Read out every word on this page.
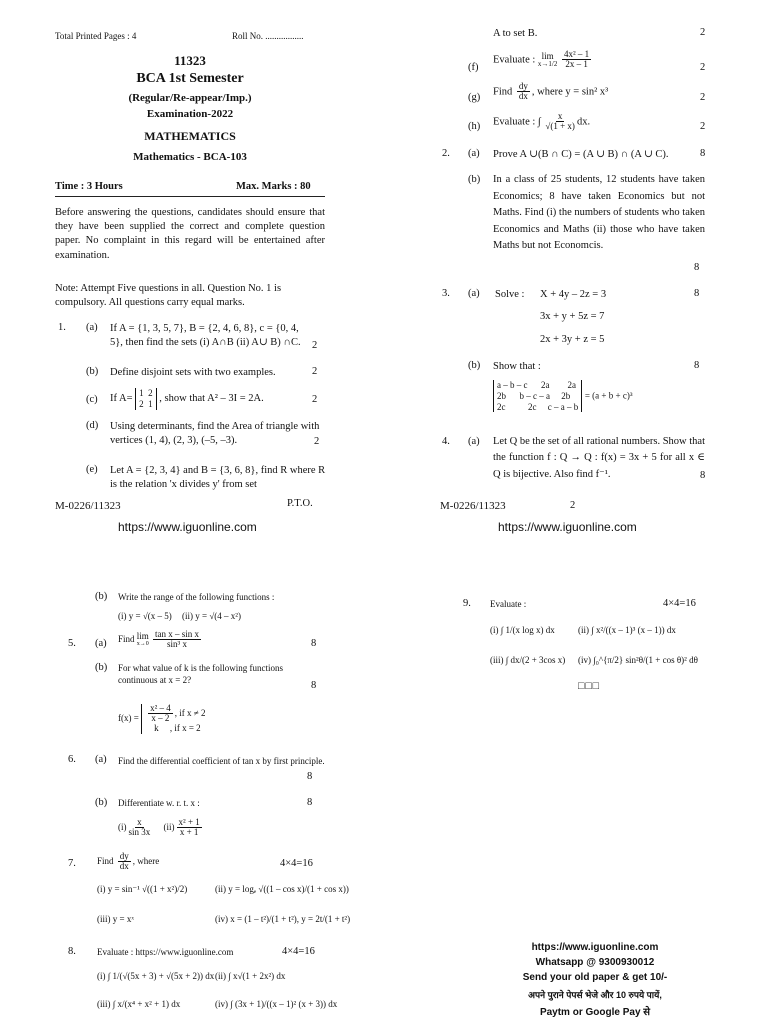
Total Printed Pages : 4	Roll No. .................
11323
BCA 1st Semester
(Regular/Re-appear/Imp.)
Examination-2022
MATHEMATICS
Mathematics - BCA-103
Time : 3 Hours	Max. Marks : 80
Before answering the questions, candidates should ensure that they have been supplied the correct and complete question paper. No complaint in this regard will be entertained after examination.
Note: Attempt Five questions in all. Question No. 1 is compulsory. All questions carry equal marks.
1. (a) If A = {1, 3, 5, 7}, B = {2, 4, 6, 8}, c = {0, 4, 5}, then find the sets (i) A∩B (ii) A∪ B) ∩C.	2
(b) Define disjoint sets with two examples.	2
(c) If A= 1  2
2  1 , show that A² – 3I = 2A.	2
(d) Using determinants, find the Area of triangle with vertices (1, 4), (2, 3), (–5, –3).	2
(e) Let A = {2, 3, 4} and B = {3, 6, 8}, find R where R is the relation 'x divides y' from set
M-0226/11323	P.T.O.
https://www.iguonline.com
A to set B.	2
(f)
Evaluate : lim
x→1/2
$\frac{\text{4x² – 1}}{2x - 1}$	2
(g)
Find $\frac{dy}{dx}$ , where y = sin² x³
2
(h) Evaluate : ∫ $\frac{x}{√(1 + x)}$ dx.	2
2. (a) Prove A ∪(B ∩ C) = (A ∪ B) ∩ (A ∪ C).	8
(b) In a class of 25 students, 12 students have taken Economics; 8 have taken Economics but not Maths. Find (i) the numbers of students who taken Economics and Maths (ii) those who have taken Maths but not Economcis.
8
3. (a) Solve : X + 4y – 2z = 3
3x + y + 5z = 7
2x + 3y + z = 5
8
(b) Show that :	8
a – b – c      2a        2a
2b      b – c – a     2b
2c          2c     c – a – b = (a + b + c)³
4. (a) Let Q be the set of all rational numbers. Show that the function f : Q → Q : f(x) = 3x + 5 for all x ∈ Q is bijective. Also find f⁻¹.	8
M-0226/11323	2
https://www.iguonline.com
(b) Write the range of the following functions :
(i) y = √(x – 5) (ii) y = √(4 – x²)
5. (a) Find lim
x→0
$\frac{\text{tan x – sin x}}{\text{sin³ x}}$	8
(b) For what value of k is the following functions continuous at x = 2?	8
$f(x) = \frac{\text{x² – 4}}{x - 2}$ , if x ≠ 2
k , if x = 2
6. (a) Find the differential coefficient of tan x by first principle.
8
(b) Differentiate w. r. t. x :	8
$(i) \frac{x}{\sin 3x} (ii) \frac{\text{x² + 1}}{x + 1}$
7. Find $\frac{dy}{dx}$ , where	4×4=16
(i) y = sin⁻¹ √((1 + x²)/2)	(ii) y = logₑ √((1 – cos x)/(1 + cos x))
(iii) y = xˣ	(iv) x = (1 – t²)/(1 + t²), y = 2t/(1 + t²)
8. Evaluate : https://www.iguonline.com	4×4=16
(i) ∫ 1/(√(5x + 3) + √(5x + 2)) dx (ii) ∫ x√(1 + 2x²) dx
(iii) ∫ x/(x⁴ + x² + 1) dx	(iv) ∫ (3x + 1)/((x – 1)² (x + 3)) dx
9. Evaluate :	4×4=16
(i) ∫ 1/(x log x) dx	(ii) ∫ x²/((x – 1)³ (x – 1)) dx
(iii) ∫ dx/(2 + 3cos x) (iv) ∫₀^{π/2} sin²θ/(1 + cos θ)² dθ
□□□
https://www.iguonline.com
Whatsapp @ 9300930012
Send your old paper & get 10/-
अपने पुराने पेपर्स भेजे और 10 रुपये पायें,
Paytm or Google Pay से
